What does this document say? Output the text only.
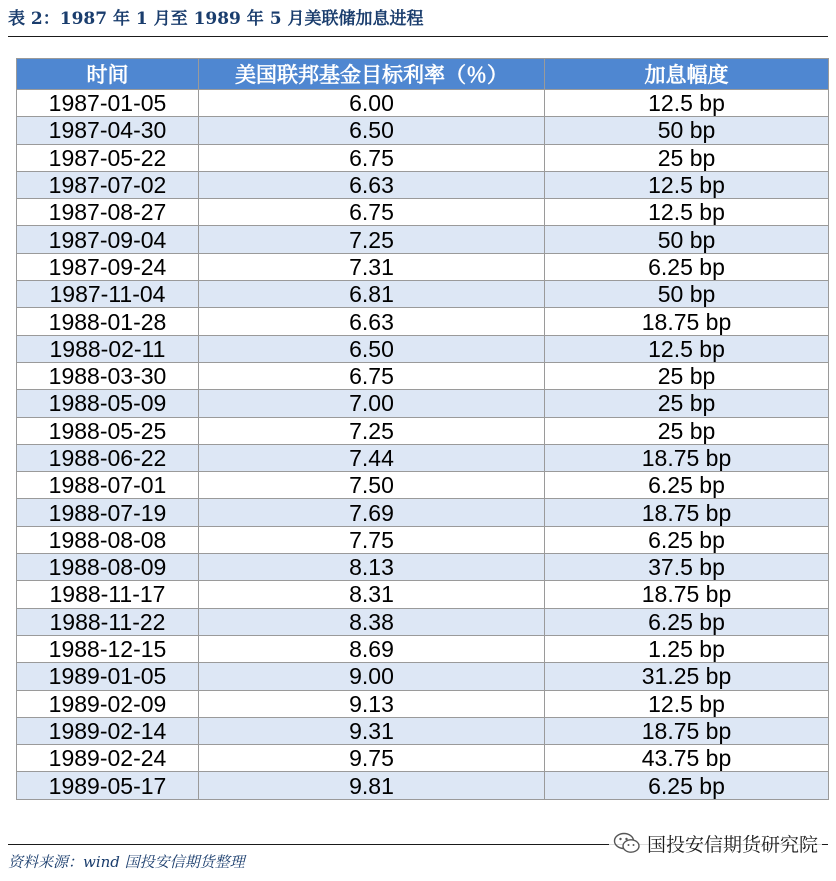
表 2：1987 年 1 月至 1989 年 5 月美联储加息进程
时间	美国联邦基金目标利率（％）	加息幅度
1987-01-05	6.00	12.5 bp
1987-04-30	6.50	50 bp
1987-05-22	6.75	25 bp
1987-07-02	6.63	12.5 bp
1987-08-27	6.75	12.5 bp
1987-09-04	7.25	50 bp
1987-09-24	7.31	6.25 bp
1987-11-04	6.81	50 bp
1988-01-28	6.63	18.75 bp
1988-02-11	6.50	12.5 bp
1988-03-30	6.75	25 bp
1988-05-09	7.00	25 bp
1988-05-25	7.25	25 bp
1988-06-22	7.44	18.75 bp
1988-07-01	7.50	6.25 bp
1988-07-19	7.69	18.75 bp
1988-08-08	7.75	6.25 bp
1988-08-09	8.13	37.5 bp
1988-11-17	8.31	18.75 bp
1988-11-22	8.38	6.25 bp
1988-12-15	8.69	1.25 bp
1989-01-05	9.00	31.25 bp
1989-02-09	9.13	12.5 bp
1989-02-14	9.31	18.75 bp
1989-02-24	9.75	43.75 bp
1989-05-17	9.81	6.25 bp
资料来源：wind 国投安信期货整理
国投安信期货研究院
